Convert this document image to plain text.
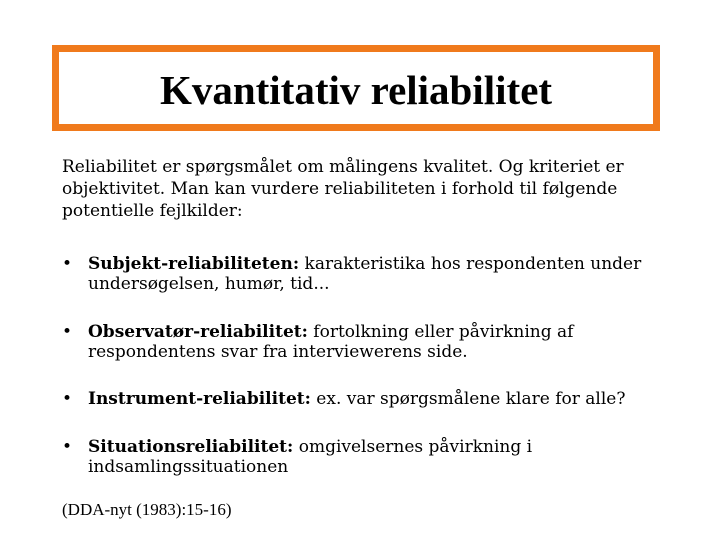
Kvantitativ reliabilitet
Reliabilitet er spørgsmålet om målingens kvalitet. Og kriteriet er objektivitet. Man kan vurdere reliabiliteten i forhold til følgende potentielle fejlkilder:
• Subjekt-reliabiliteten: karakteristika hos respondenten under undersøgelsen, humør, tid...
• Observatør-reliabilitet: fortolkning eller påvirkning af respondentens svar fra interviewerens side.
• Instrument-reliabilitet: ex. var spørgsmålene klare for alle?
• Situationsreliabilitet: omgivelsernes påvirkning i indsamlingssituationen
(DDA-nyt (1983):15-16)
